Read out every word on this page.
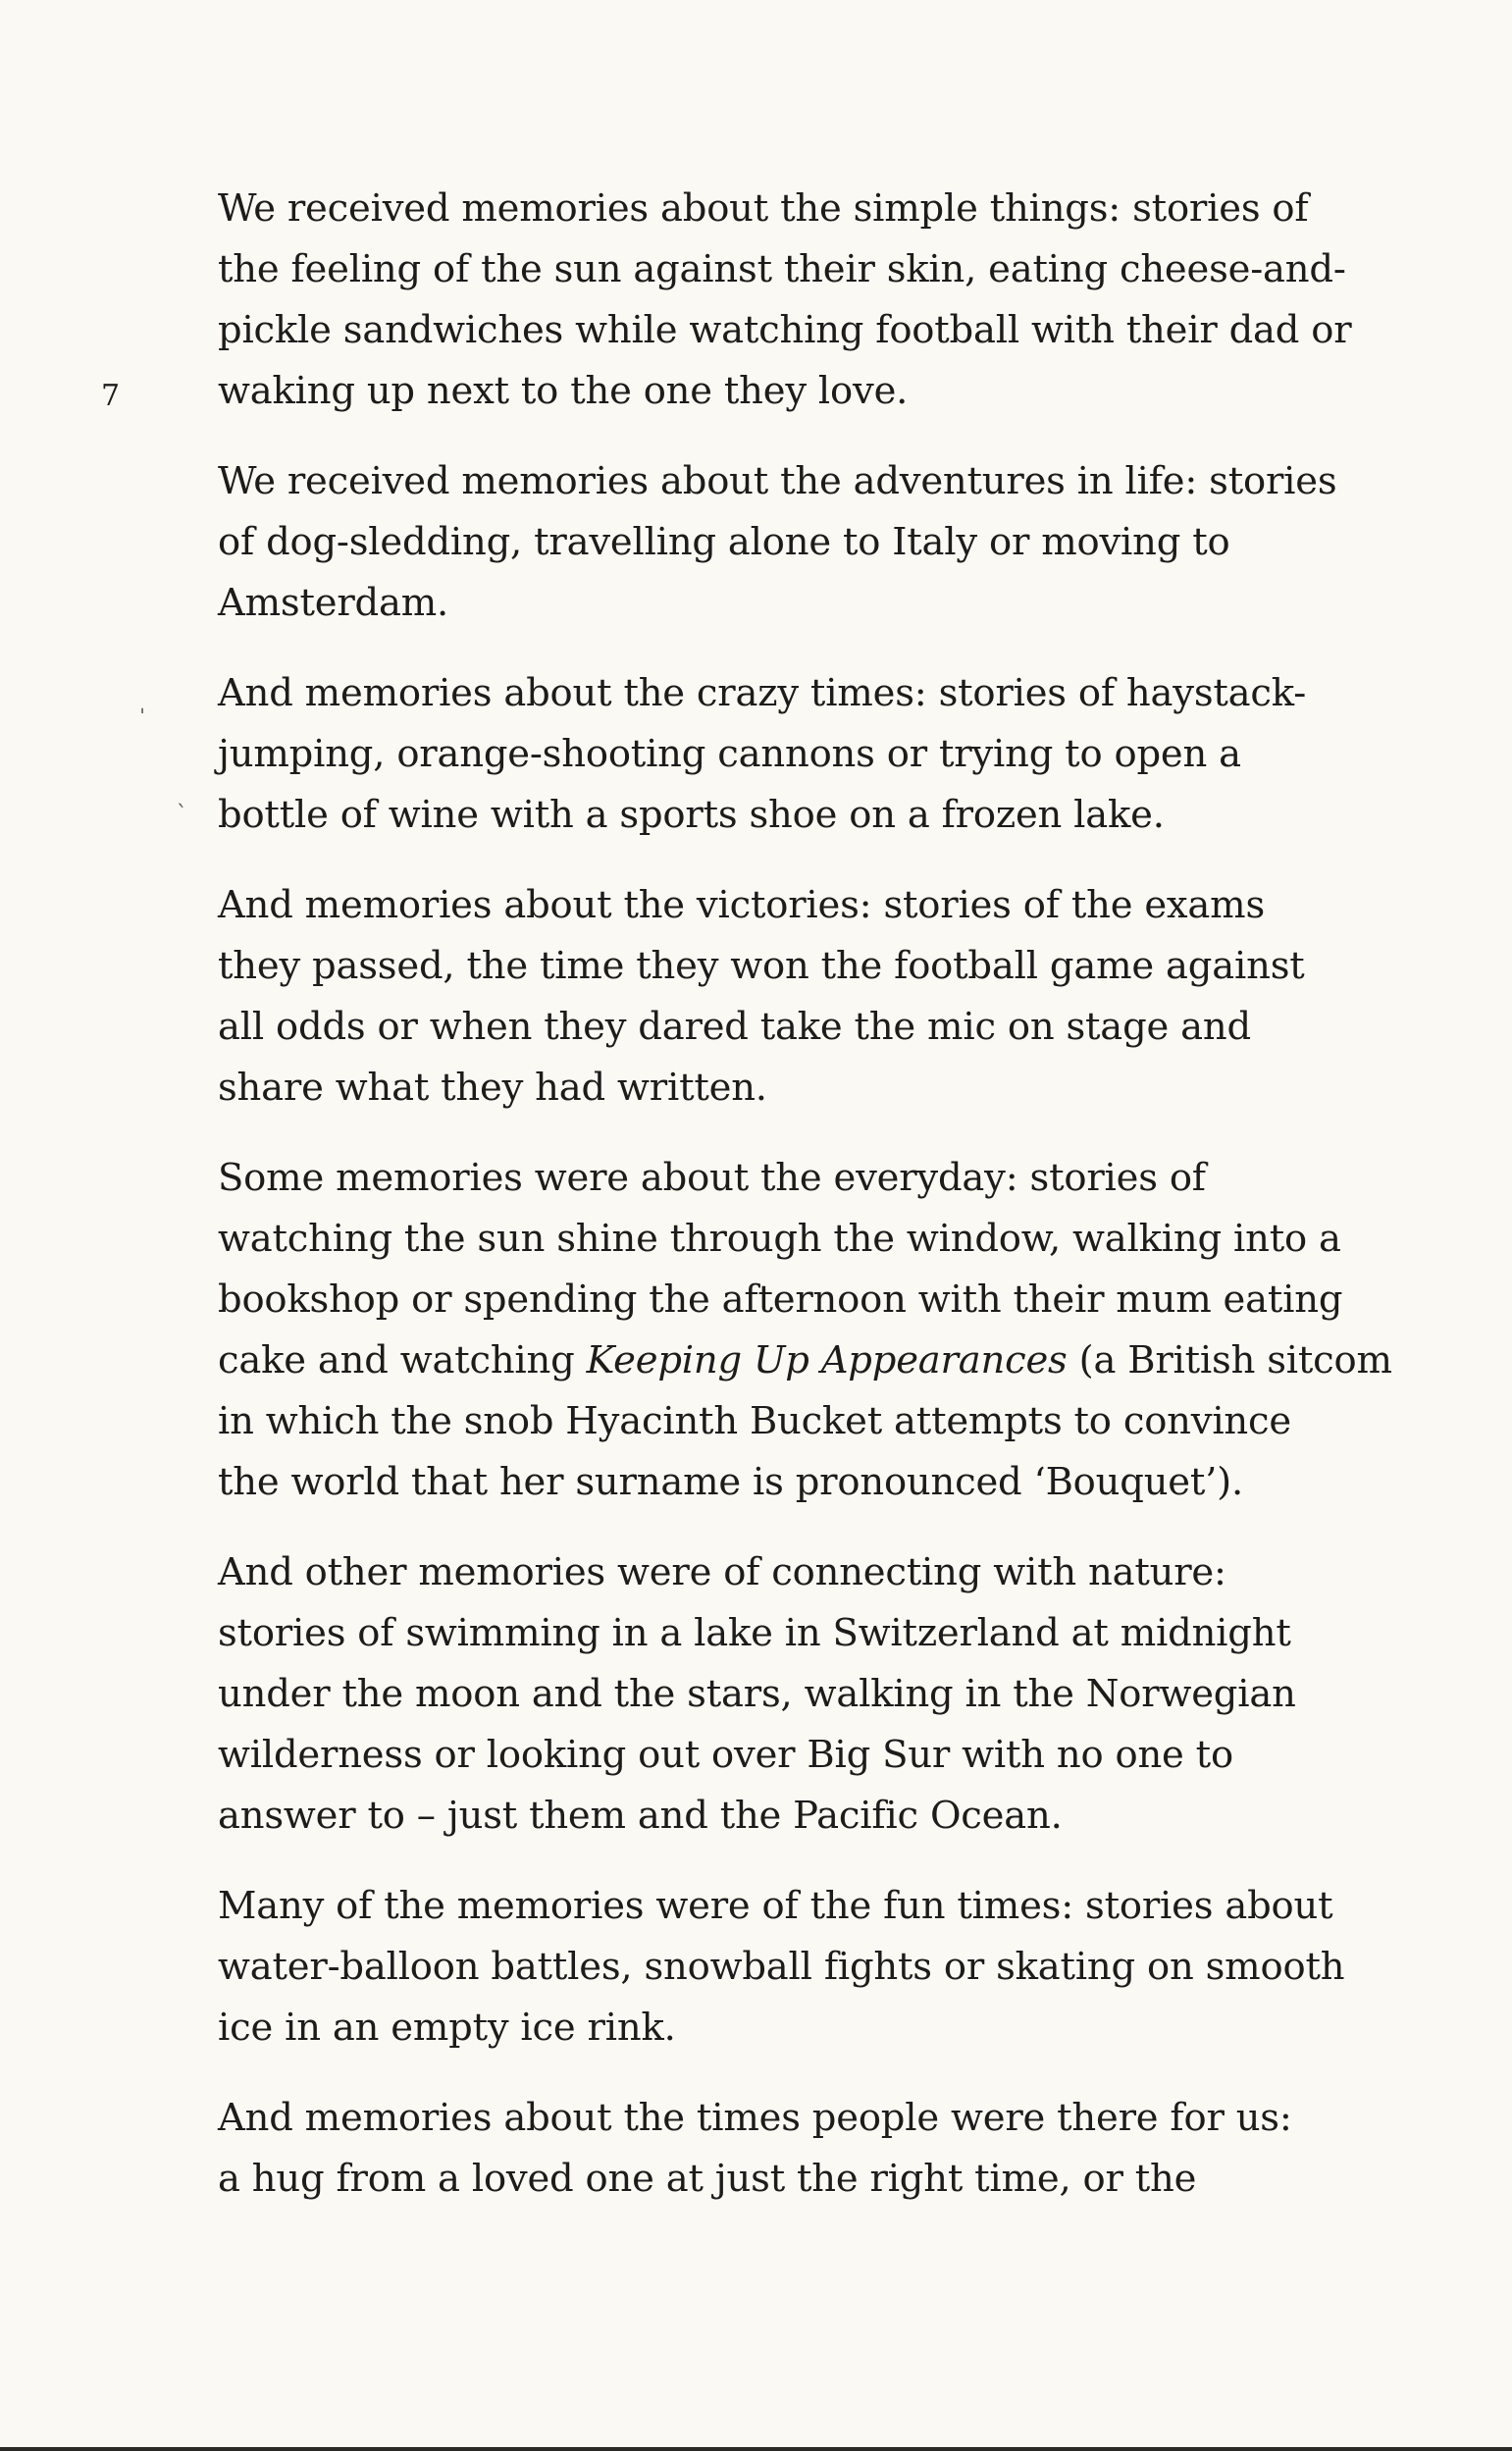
7
ˌ
ˋ

We received memories about the simple things: stories of
the feeling of the sun against their skin, eating cheese-and-
pickle sandwiches while watching football with their dad or
waking up next to the one they love.

We received memories about the adventures in life: stories
of dog-sledding, travelling alone to Italy or moving to
Amsterdam.

And memories about the crazy times: stories of haystack-
jumping, orange-shooting cannons or trying to open a
bottle of wine with a sports shoe on a frozen lake.

And memories about the victories: stories of the exams
they passed, the time they won the football game against
all odds or when they dared take the mic on stage and
share what they had written.

Some memories were about the everyday: stories of
watching the sun shine through the window, walking into a
bookshop or spending the afternoon with their mum eating
cake and watching Keeping Up Appearances (a British sitcom
in which the snob Hyacinth Bucket attempts to convince
the world that her surname is pronounced ‘Bouquet’).

And other memories were of connecting with nature:
stories of swimming in a lake in Switzerland at midnight
under the moon and the stars, walking in the Norwegian
wilderness or looking out over Big Sur with no one to
answer to – just them and the Pacific Ocean.

Many of the memories were of the fun times: stories about
water-balloon battles, snowball fights or skating on smooth
ice in an empty ice rink.

And memories about the times people were there for us:
a hug from a loved one at just the right time, or the
